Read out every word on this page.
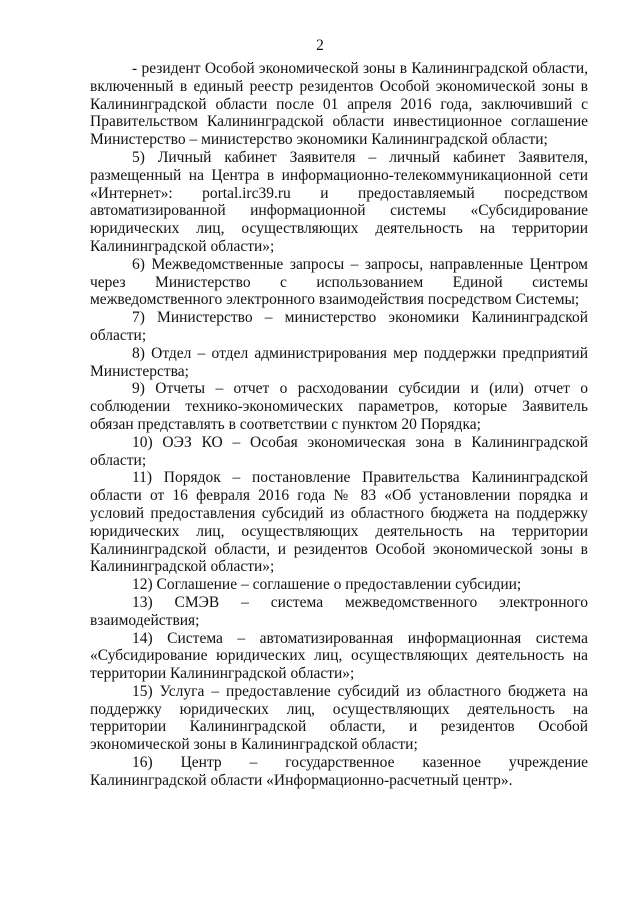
2

- резидент Особой экономической зоны в Калининградской области, включенный в единый реестр резидентов Особой экономической зоны в Калининградской области после 01 апреля 2016 года, заключивший с Правительством Калининградской области инвестиционное соглашение Министерство – министерство экономики Калининградской области;

5) Личный кабинет Заявителя – личный кабинет Заявителя, размещенный на Центра в информационно-телекоммуникационной сети «Интернет»: portal.irc39.ru и предоставляемый посредством автоматизированной информационной системы «Субсидирование юридических лиц, осуществляющих деятельность на территории Калининградской области»;

6) Межведомственные запросы – запросы, направленные Центром через Министерство с использованием Единой системы межведомственного электронного взаимодействия посредством Системы;

7) Министерство – министерство экономики Калининградской области;

8) Отдел – отдел администрирования мер поддержки предприятий Министерства;

9) Отчеты – отчет о расходовании субсидии и (или) отчет о соблюдении технико-экономических параметров, которые Заявитель обязан представлять в соответствии с пунктом 20 Порядка;

10) ОЭЗ КО – Особая экономическая зона в Калининградской области;

11) Порядок – постановление Правительства Калининградской области от 16 февраля 2016 года № 83 «Об установлении порядка и условий предоставления субсидий из областного бюджета на поддержку юридических лиц, осуществляющих деятельность на территории Калининградской области, и резидентов Особой экономической зоны в Калининградской области»;

12) Соглашение – соглашение о предоставлении субсидии;

13) СМЭВ – система межведомственного электронного взаимодействия;

14) Система – автоматизированная информационная система «Субсидирование юридических лиц, осуществляющих деятельность на территории Калининградской области»;

15) Услуга – предоставление субсидий из областного бюджета на поддержку юридических лиц, осуществляющих деятельность на территории Калининградской области, и резидентов Особой экономической зоны в Калининградской области;

16) Центр – государственное казенное учреждение Калининградской области «Информационно-расчетный центр».
